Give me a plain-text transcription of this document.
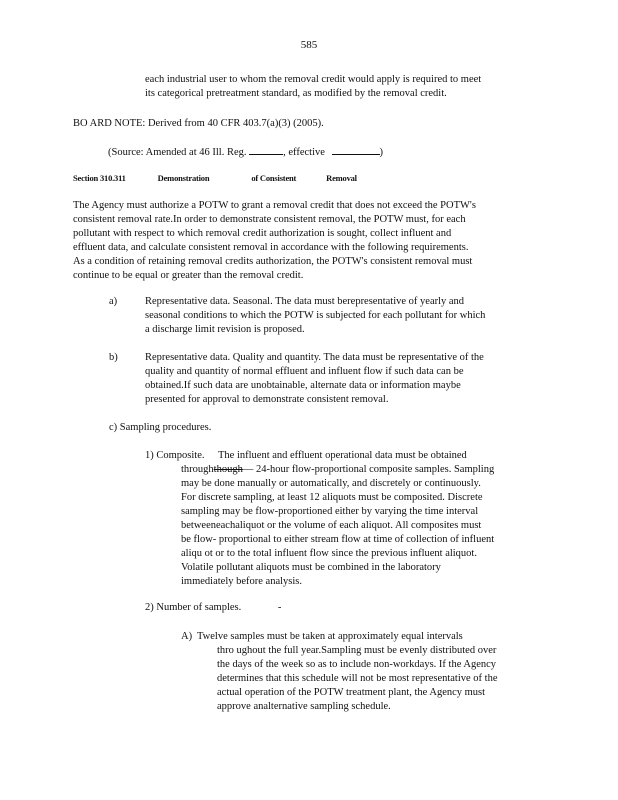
585

each industrial user to whom the removal credit would apply is required to meet

its categorical pretreatment standard, as modified by the removal credit.

BO ARD NOTE: Derived from 40 CFR 403.7(a)(3) (2005).
(Source: Amended at 46 Ill. Reg.	, effective	)
Section 310.311	Demonstration	of Consistent	Removal

The Agency must authorize a POTW to grant a removal credit that does not exceed the POTW's

consistent removal rate.In order to demonstrate consistent removal, the POTW must, for each

pollutant with respect to which removal credit authorization is sought, collect influent and

effluent data, and calculate consistent removal in accordance with the following requirements.

As a condition of retaining removal credits authorization, the POTW's consistent removal must

continue to be equal or greater than the removal credit.

a)	Representative data. Seasonal. The data must berepresentative of yearly and

seasonal conditions to which the POTW is subjected for each pollutant for which

a discharge limit revision is proposed.

b)	Representative data. Quality and quantity. The data must be representative of the

quality and quantity of normal effluent and influent flow if such data can be

obtained.If such data are unobtainable, alternate data or information maybe

presented for approval to demonstrate consistent removal.

c) Sampling procedures.
1) Composite. The influent and effluent operational data must be obtained

throughthough— 24-hour flow-proportional composite samples. Sampling

may be done manually or automatically, and discretely or continuously.

For discrete sampling, at least 12 aliquots must be composited. Discrete

sampling may be flow-proportioned either by varying the time interval

betweeneachaliquot or the volume of each aliquot. All composites must

be flow- proportional to either stream flow at time of collection of influent

aliqu ot or to the total influent flow since the previous influent aliquot.

Volatile pollutant aliquots must be combined in the laboratory

immediately before analysis.

2) Number of samples.	-
A) Twelve samples must be taken at approximately equal intervals

thro ughout the full year.Sampling must be evenly distributed over

the days of the week so as to include non-workdays. If the Agency

determines that this schedule will not be most representative of the

actual operation of the POTW treatment plant, the Agency must

approve analternative sampling schedule.
